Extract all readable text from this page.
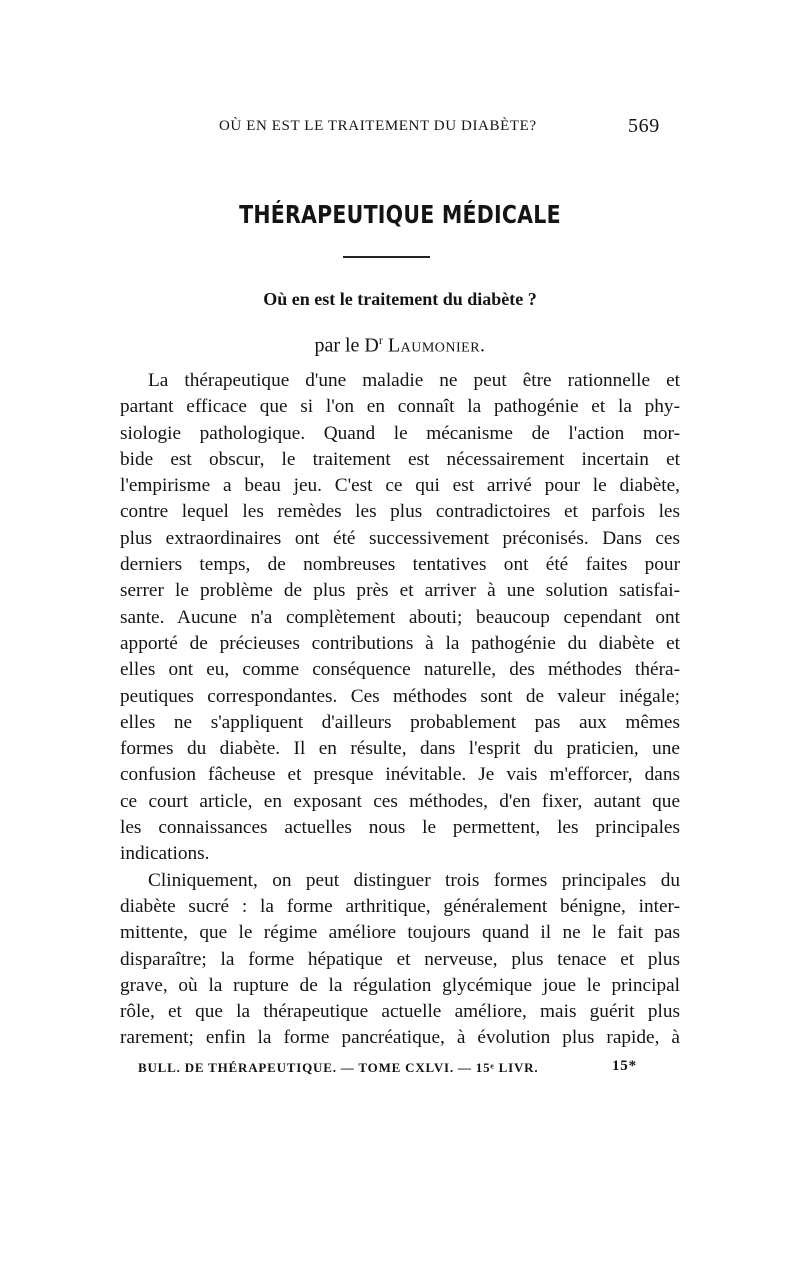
OÙ EN EST LE TRAITEMENT DU DIABÈTE?	569
THÉRAPEUTIQUE MÉDICALE
Où en est le traitement du diabète ?
par le $D^r$ Laumonier.
La thérapeutique d'une maladie ne peut être rationnelle et
partant efficace que si l'on en connaît la pathogénie et la phy-
siologie pathologique. Quand le mécanisme de l'action mor-
bide est obscur, le traitement est nécessairement incertain et
l'empirisme a beau jeu. C'est ce qui est arrivé pour le diabète,
contre lequel les remèdes les plus contradictoires et parfois les
plus extraordinaires ont été successivement préconisés. Dans ces
derniers temps, de nombreuses tentatives ont été faites pour
serrer le problème de plus près et arriver à une solution satisfai-
sante. Aucune n'a complètement abouti; beaucoup cependant ont
apporté de précieuses contributions à la pathogénie du diabète et
elles ont eu, comme conséquence naturelle, des méthodes théra-
peutiques correspondantes. Ces méthodes sont de valeur inégale;
elles ne s'appliquent d'ailleurs probablement pas aux mêmes
formes du diabète. Il en résulte, dans l'esprit du praticien, une
confusion fâcheuse et presque inévitable. Je vais m'efforcer, dans
ce court article, en exposant ces méthodes, d'en fixer, autant que
les connaissances actuelles nous le permettent, les principales
indications.
Cliniquement, on peut distinguer trois formes principales du
diabète sucré : la forme arthritique, généralement bénigne, inter-
mittente, que le régime améliore toujours quand il ne le fait pas
disparaître; la forme hépatique et nerveuse, plus tenace et plus
grave, où la rupture de la régulation glycémique joue le principal
rôle, et que la thérapeutique actuelle améliore, mais guérit plus
rarement; enfin la forme pancréatique, à évolution plus rapide, à
BULL. DE THÉRAPEUTIQUE. — TOME CXLVI. — 15ᵉ LIVR.	15*
